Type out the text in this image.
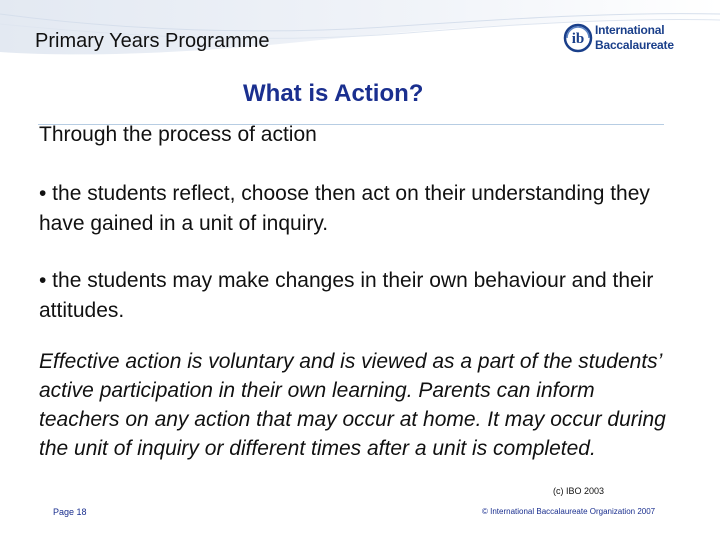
Primary Years Programme	ib
International
Baccalaureate
What is Action?

Through the process of action

• the students reflect, choose then act on their understanding they have gained in a unit of inquiry.

• the students may make changes in their own behaviour and their attitudes.

Effective action is voluntary and is viewed as a part of the students’ active participation in their own learning. Parents can inform teachers on any action that may occur at home. It may occur during the unit of inquiry or different times after a unit is completed.
(c) IBO 2003
Page 18	© International Baccalaureate Organization 2007
